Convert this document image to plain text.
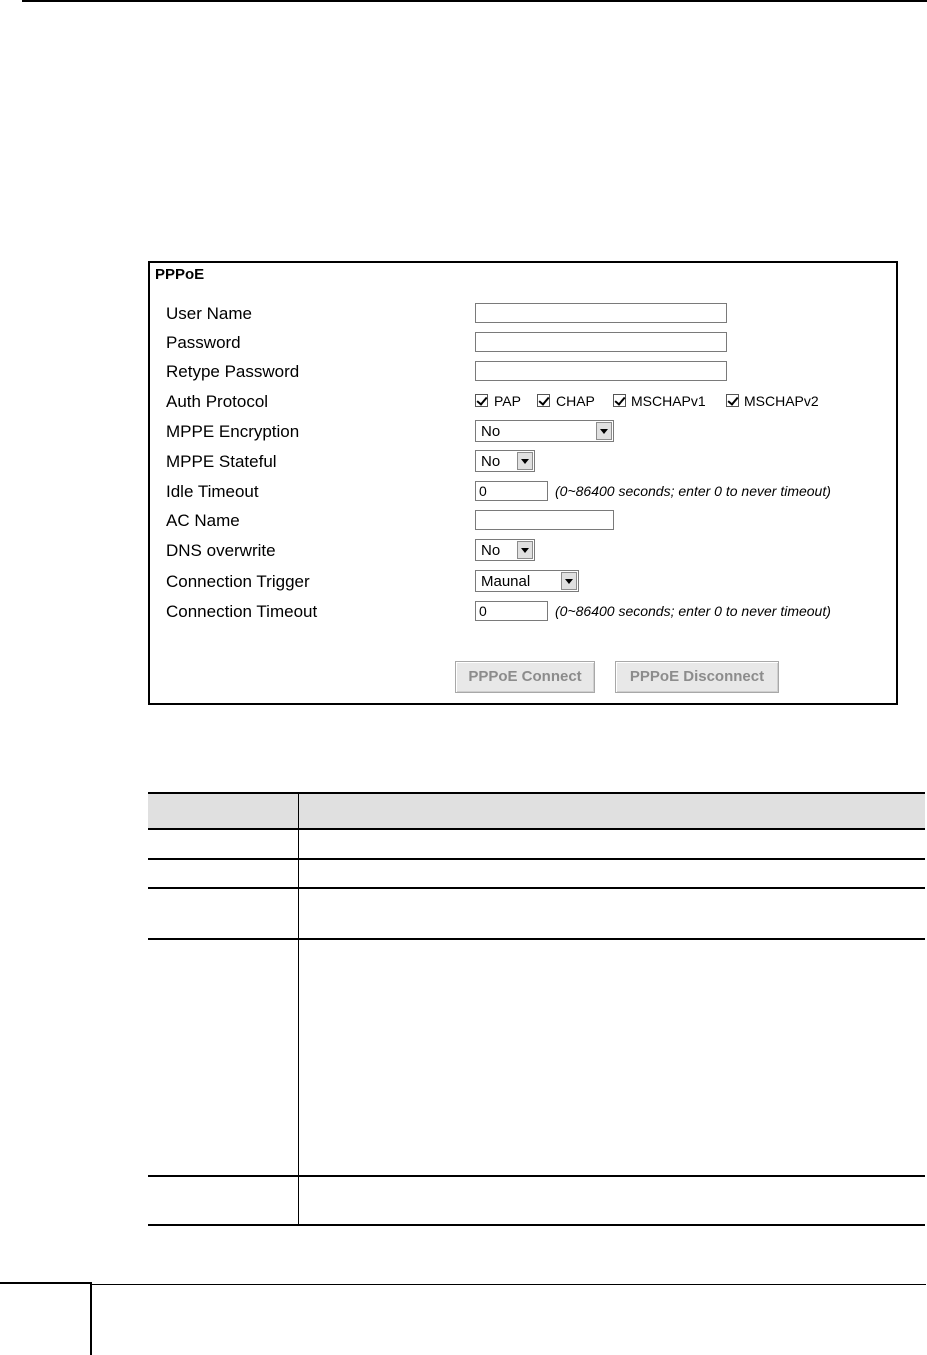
PPPoE
User Name
Password
Retype Password
Auth Protocol	PAP	CHAP	MSCHAPv1	MSCHAPv2
MPPE Encryption	No
MPPE Stateful	No
Idle Timeout	0	(0~86400 seconds; enter 0 to never timeout)
AC Name
DNS overwrite	No
Connection Trigger	Maunal
Connection Timeout	0	(0~86400 seconds; enter 0 to never timeout)
PPPoE Connect	PPPoE Disconnect
